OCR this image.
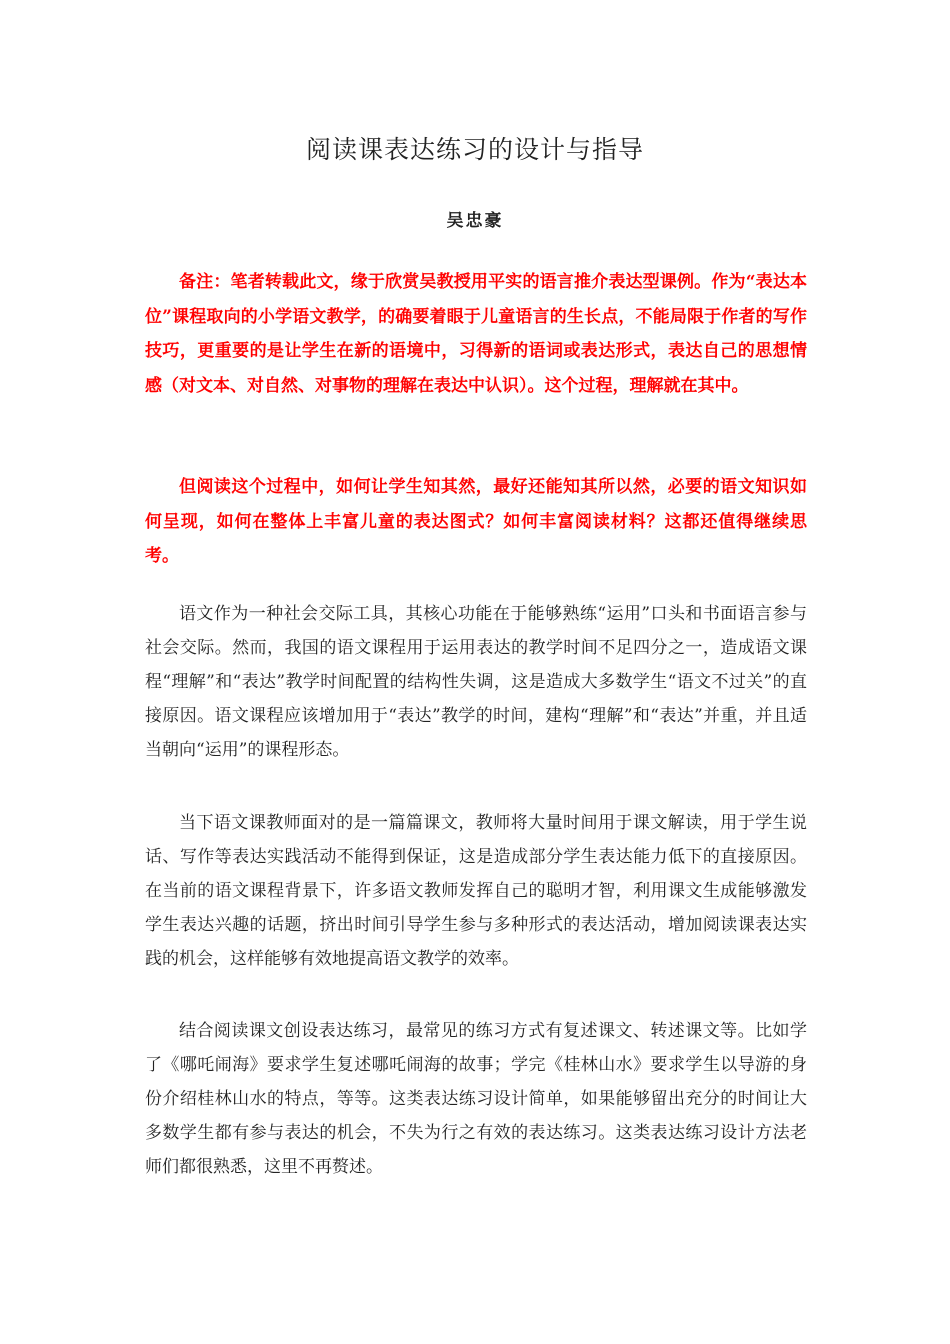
阅读课表达练习的设计与指导
吴忠豪

备注：笔者转载此文，缘于欣赏吴教授用平实的语言推介表达型课例。作为“表达本位”课程取向的小学语文教学，的确要着眼于儿童语言的生长点，不能局限于作者的写作技巧，更重要的是让学生在新的语境中，习得新的语词或表达形式，表达自己的思想情感（对文本、对自然、对事物的理解在表达中认识）。这个过程，理解就在其中。

但阅读这个过程中，如何让学生知其然，最好还能知其所以然，必要的语文知识如何呈现，如何在整体上丰富儿童的表达图式？如何丰富阅读材料？这都还值得继续思考。

语文作为一种社会交际工具，其核心功能在于能够熟练“运用”口头和书面语言参与社会交际。然而，我国的语文课程用于运用表达的教学时间不足四分之一，造成语文课程“理解”和“表达”教学时间配置的结构性失调，这是造成大多数学生“语文不过关”的直接原因。语文课程应该增加用于“表达”教学的时间，建构“理解”和“表达”并重，并且适当朝向“运用”的课程形态。

当下语文课教师面对的是一篇篇课文，教师将大量时间用于课文解读，用于学生说话、写作等表达实践活动不能得到保证，这是造成部分学生表达能力低下的直接原因。在当前的语文课程背景下，许多语文教师发挥自己的聪明才智，利用课文生成能够激发学生表达兴趣的话题，挤出时间引导学生参与多种形式的表达活动，增加阅读课表达实践的机会，这样能够有效地提高语文教学的效率。

结合阅读课文创设表达练习，最常见的练习方式有复述课文、转述课文等。比如学了《哪吒闹海》要求学生复述哪吒闹海的故事；学完《桂林山水》要求学生以导游的身份介绍桂林山水的特点，等等。这类表达练习设计简单，如果能够留出充分的时间让大多数学生都有参与表达的机会，不失为行之有效的表达练习。这类表达练习设计方法老师们都很熟悉，这里不再赘述。
